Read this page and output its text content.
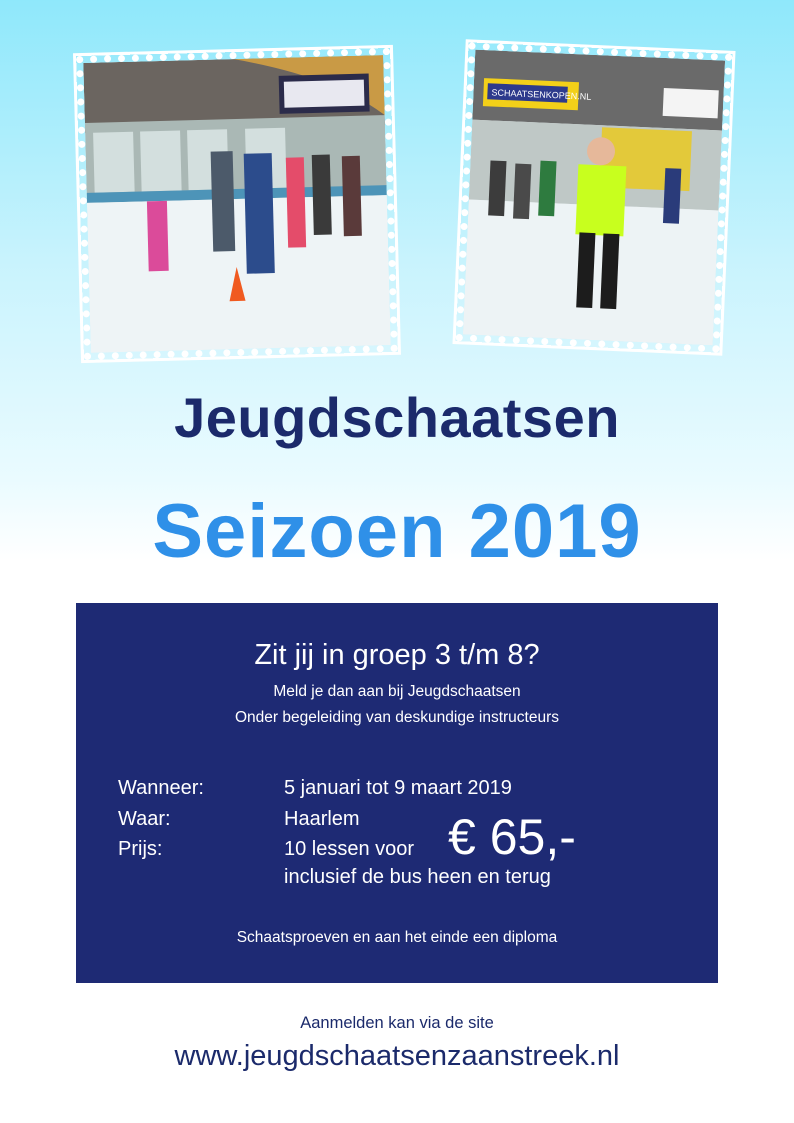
SCHAATSENKOPEN.NL
Jeugdschaatsen
Seizoen 2019
Zit jij in groep 3 t/m 8?
Meld je dan aan bij Jeugdschaatsen
Onder begeleiding van deskundige instructeurs
Wanneer:	5 januari tot 9 maart 2019
Waar:	Haarlem
Prijs:	10 lessen voor € 65,-
inclusief de bus heen en terug
Schaatsproeven en aan het einde een diploma
Aanmelden kan via de site
www.jeugdschaatsenzaanstreek.nl
